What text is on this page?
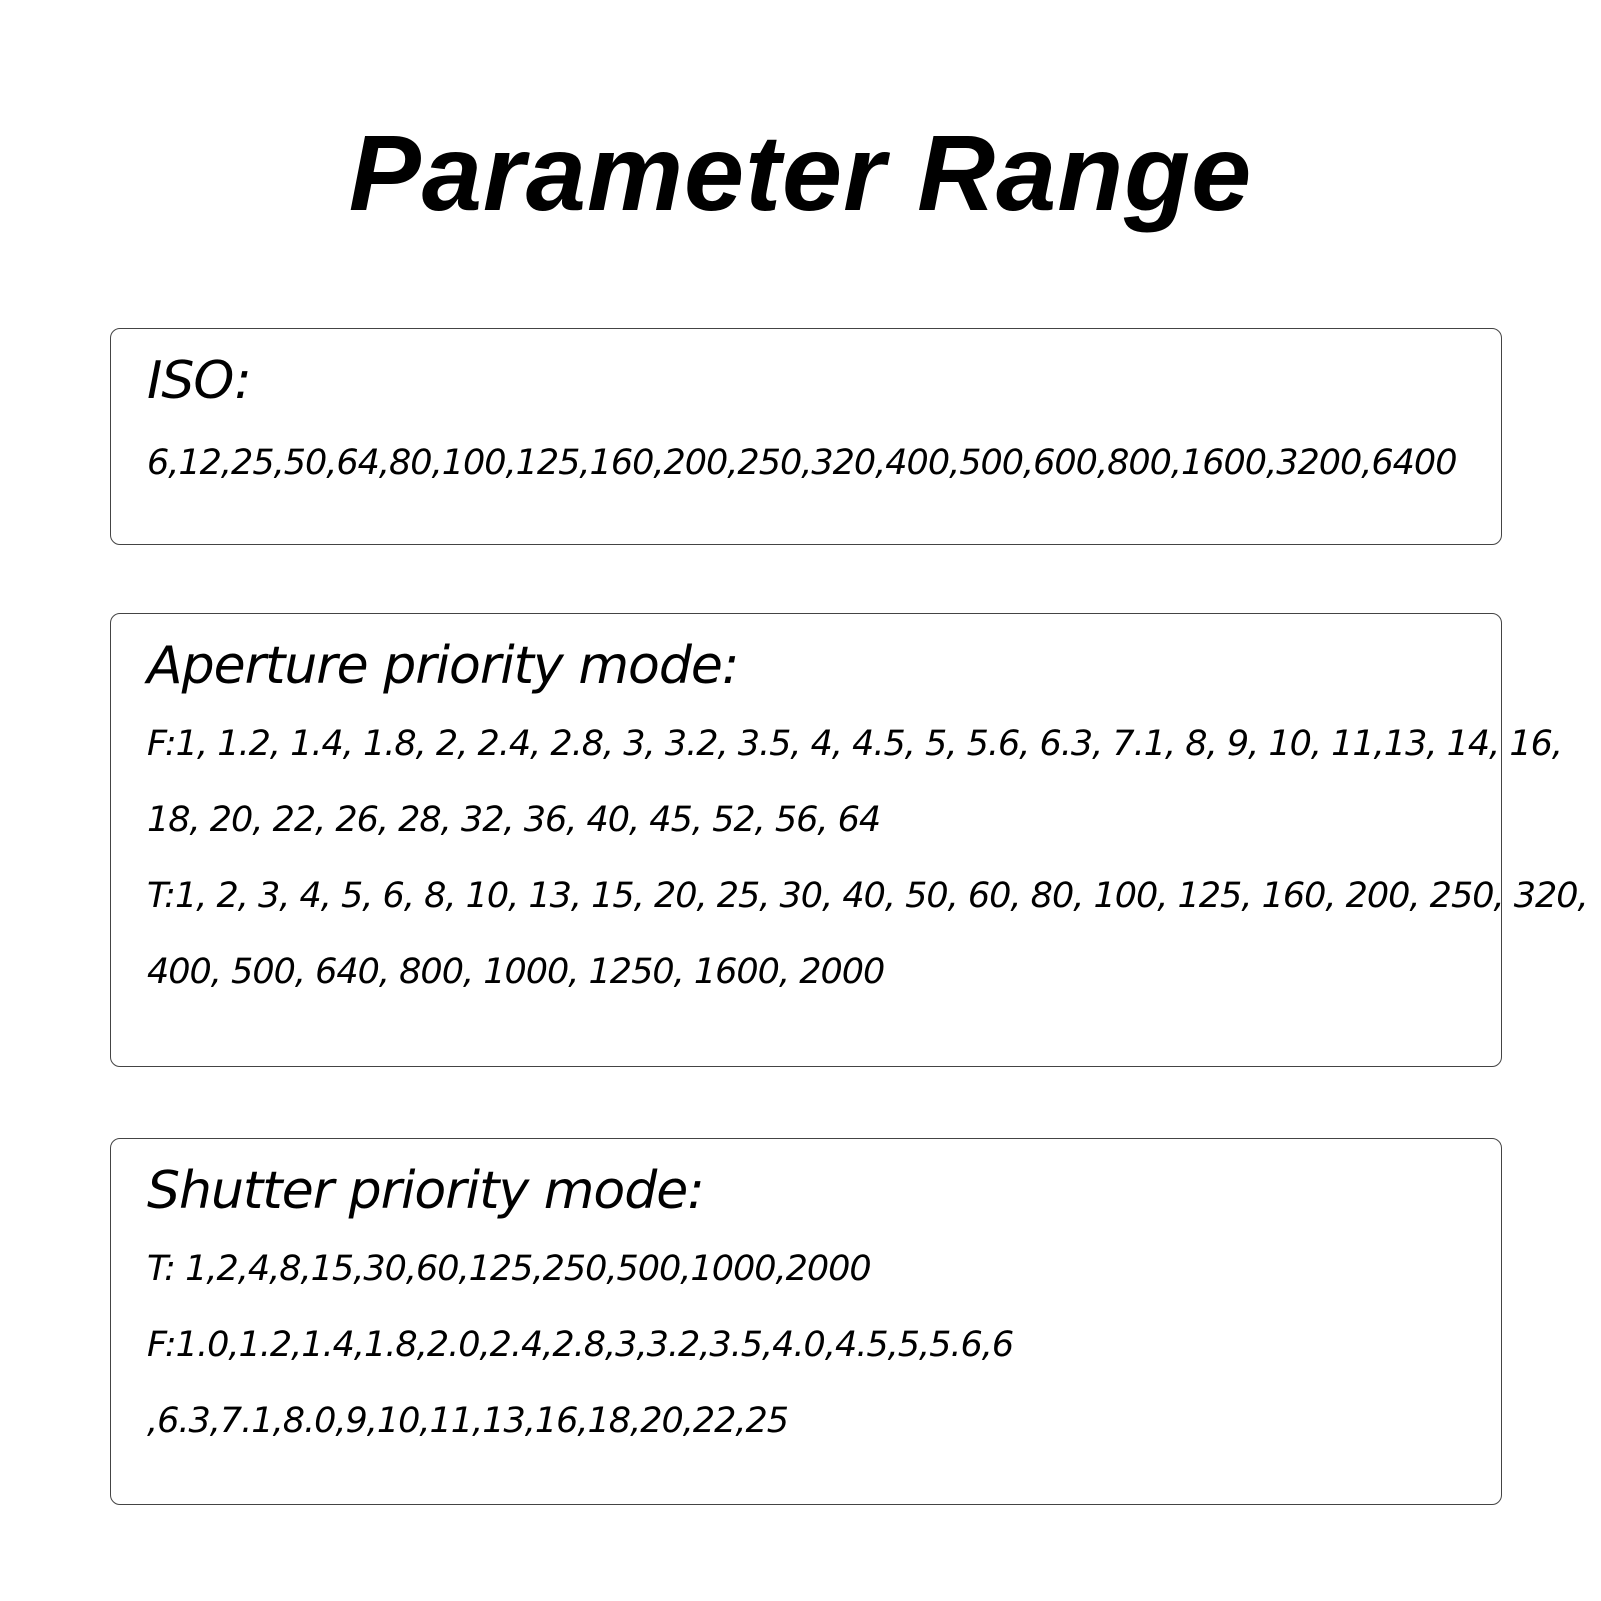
Parameter Range
ISO:

6,12,25,50,64,80,100,125,160,200,250,320,400,500,600,800,1600,3200,6400

Aperture priority mode:

F:1, 1.2, 1.4, 1.8, 2, 2.4, 2.8, 3, 3.2, 3.5, 4, 4.5, 5, 5.6, 6.3, 7.1, 8, 9, 10, 11,13, 14, 16,

18, 20, 22, 26, 28, 32, 36, 40, 45, 52, 56, 64

T:1, 2, 3, 4, 5, 6, 8, 10, 13, 15, 20, 25, 30, 40, 50, 60, 80, 100, 125, 160, 200, 250, 320,

400, 500, 640, 800, 1000, 1250, 1600, 2000

Shutter priority mode:

T: 1,2,4,8,15,30,60,125,250,500,1000,2000

F:1.0,1.2,1.4,1.8,2.0,2.4,2.8,3,3.2,3.5,4.0,4.5,5,5.6,6

,6.3,7.1,8.0,9,10,11,13,16,18,20,22,25
